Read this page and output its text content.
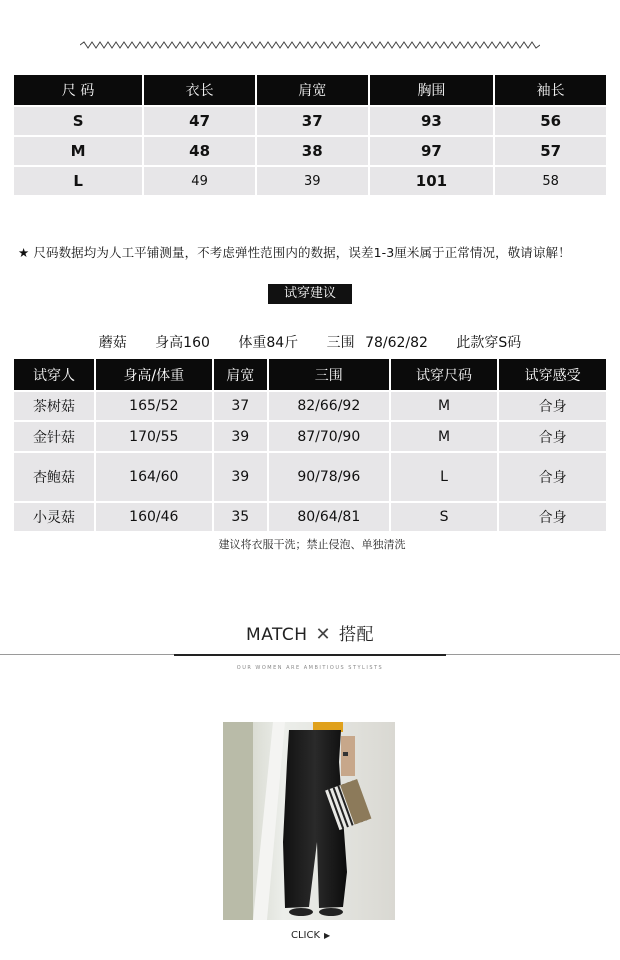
尺 码	衣长	肩宽	胸围	袖长
S	47	37	93	56
M	48	38	97	57
L	49	39	101	58
★ 尺码数据均为人工平铺测量，不考虑弹性范围内的数据，误差1-3厘米属于正常情况，敬请谅解！
试穿建议
蘑菇 身高160 体重84斤 三围 78/62/82 此款穿S码
试穿人	身高/体重	肩宽	三围	试穿尺码	试穿感受
茶树菇	165/52	37	82/66/92	M	合身
金针菇	170/55	39	87/70/90	M	合身
杏鲍菇	164/60	39	90/78/96	L	合身
小灵菇	160/46	35	80/64/81	S	合身
建议将衣服干洗；禁止侵泡、单独清洗
MATCH ✕ 搭配
OUR WOMEN ARE AMBITIOUS STYLISTS
CLICK ▶
